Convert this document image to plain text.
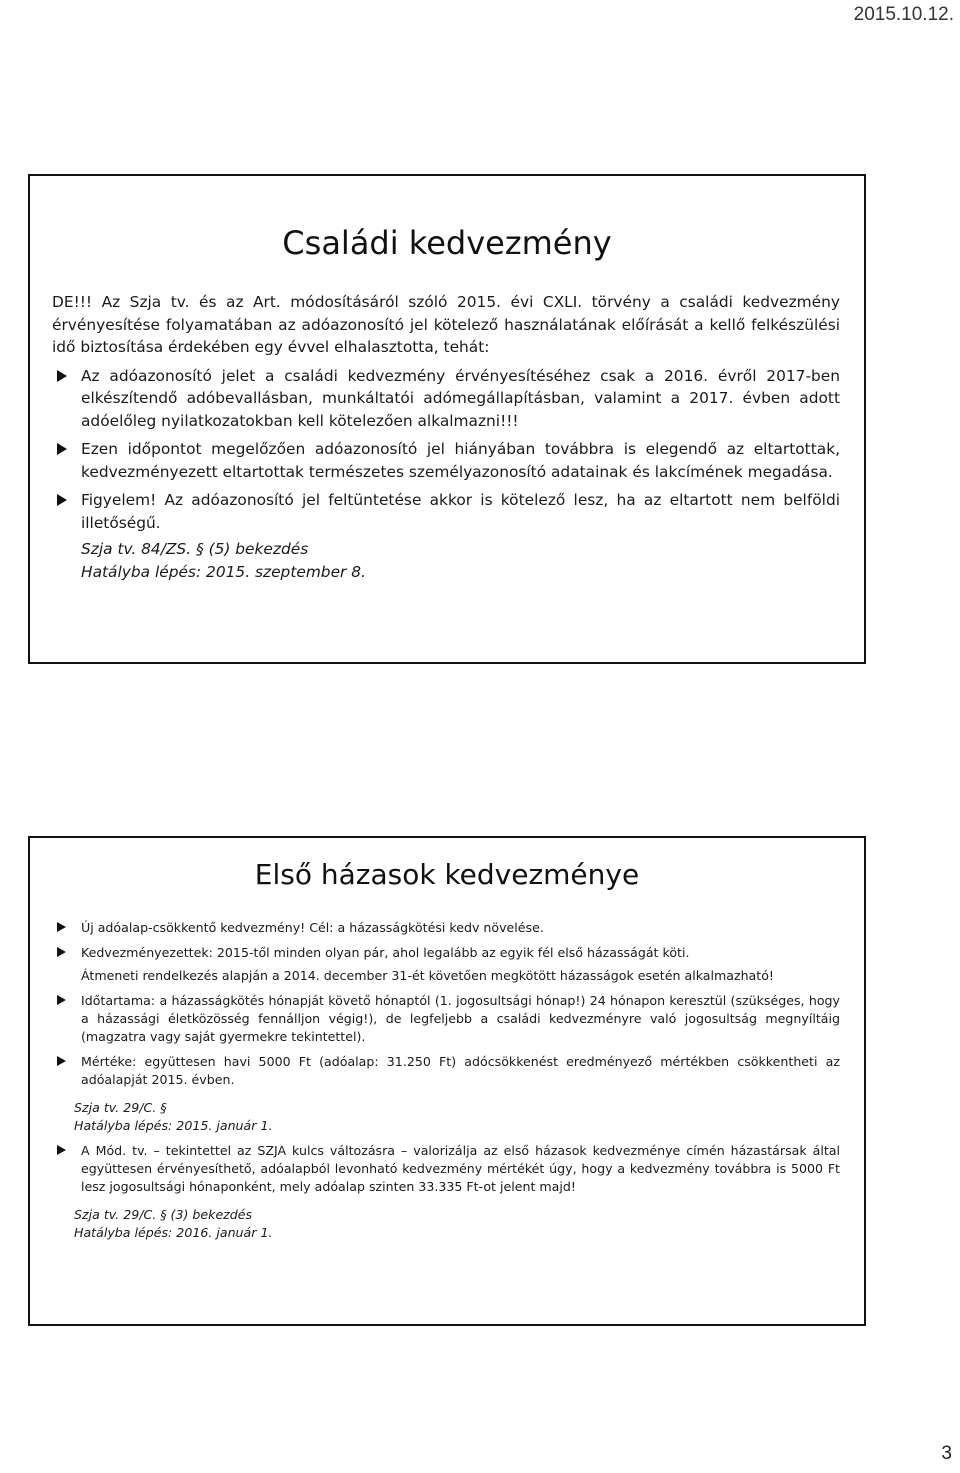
2015.10.12.
Családi kedvezmény

DE!!! Az Szja tv. és az Art. módosításáról szóló 2015. évi CXLI. törvény a családi kedvezmény érvényesítése folyamatában az adóazonosító jel kötelező használatának előírását a kellő felkészülési idő biztosítása érdekében egy évvel elhalasztotta, tehát:

Az adóazonosító jelet a családi kedvezmény érvényesítéséhez csak a 2016. évről 2017-ben elkészítendő adóbevallásban, munkáltatói adómegállapításban, valamint a 2017. évben adott adóelőleg nyilatkozatokban kell kötelezően alkalmazni!!!
Ezen időpontot megelőzően adóazonosító jel hiányában továbbra is elegendő az eltartottak, kedvezményezett eltartottak természetes személyazonosító adatainak és lakcímének megadása.
Figyelem! Az adóazonosító jel feltüntetése akkor is kötelező lesz, ha az eltartott nem belföldi illetőségű.
Szja tv. 84/ZS. § (5) bekezdés
Hatályba lépés: 2015. szeptember 8.
Első házasok kedvezménye
Új adóalap-csökkentő kedvezmény! Cél: a házasságkötési kedv növelése.
Kedvezményezettek: 2015-től minden olyan pár, ahol legalább az egyik fél első házasságát köti.
Átmeneti rendelkezés alapján a 2014. december 31-ét követően megkötött házasságok esetén alkalmazható!
Időtartama: a házasságkötés hónapját követő hónaptól (1. jogosultsági hónap!) 24 hónapon keresztül (szükséges, hogy a házassági életközösség fennálljon végig!), de legfeljebb a családi kedvezményre való jogosultság megnyíltáig (magzatra vagy saját gyermekre tekintettel).
Mértéke: együttesen havi 5000 Ft (adóalap: 31.250 Ft) adócsökkenést eredményező mértékben csökkentheti az adóalapját 2015. évben.
Szja tv. 29/C. §
Hatályba lépés: 2015. január 1.
A Mód. tv. – tekintettel az SZJA kulcs változásra – valorizálja az első házasok kedvezménye címén házastársak által együttesen érvényesíthető, adóalapból levonható kedvezmény mértékét úgy, hogy a kedvezmény továbbra is 5000 Ft lesz jogosultsági hónaponként, mely adóalap szinten 33.335 Ft-ot jelent majd!
Szja tv. 29/C. § (3) bekezdés
Hatályba lépés: 2016. január 1.
3
